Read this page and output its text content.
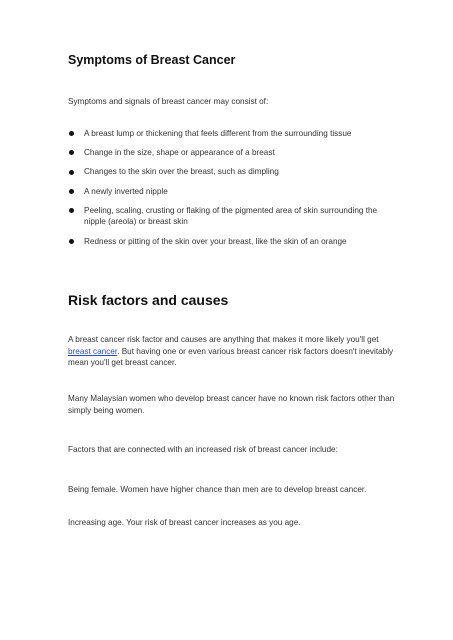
Symptoms of Breast Cancer

Symptoms and signals of breast cancer may consist of:

A breast lump or thickening that feels different from the surrounding tissue
Change in the size, shape or appearance of a breast
Changes to the skin over the breast, such as dimpling
A newly inverted nipple
Peeling, scaling, crusting or flaking of the pigmented area of skin surrounding the nipple (areola) or breast skin
Redness or pitting of the skin over your breast, like the skin of an orange
Risk factors and causes

A breast cancer risk factor and causes are anything that makes it more likely you'll get breast cancer. But having one or even various breast cancer risk factors doesn't inevitably mean you'll get breast cancer.

Many Malaysian women who develop breast cancer have no known risk factors other than simply being women.

Factors that are connected with an increased risk of breast cancer include:

Being female. Women have higher chance than men are to develop breast cancer.

Increasing age. Your risk of breast cancer increases as you age.
